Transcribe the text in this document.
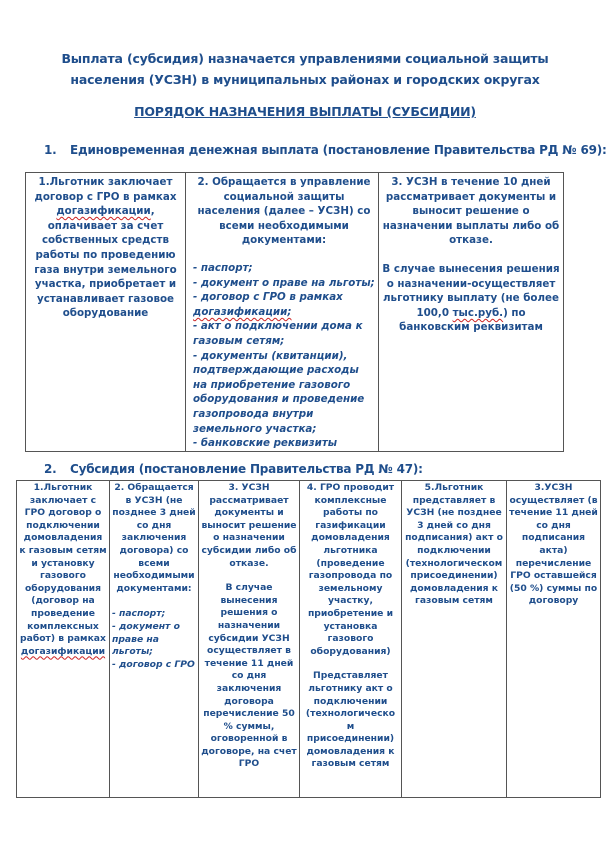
Выплата (субсидия) назначается управлениями социальной защиты
населения (УСЗН) в муниципальных районах и городских округах
ПОРЯДОК НАЗНАЧЕНИЯ ВЫПЛАТЫ (СУБСИДИИ)
1. Единовременная денежная выплата (постановление Правительства РД № 69):
1.Льготник заключает договор с ГРО в рамках догазификации, оплачивает за счет собственных средств работы по проведению газа внутри земельного участка, приобретает и устанавливает газовое оборудование	
2. Обращается в управление социальной защиты населения (далее – УСЗН) со всеми необходимыми документами:
- паспорт;
- документ о праве на льготы;
- договор с ГРО в рамках
догазификации;
- акт о подключении дома к газовым сетям;
- документы (квитанции), подтверждающие расходы на приобретение газового оборудования и проведение газопровода внутри земельного участка;
- банковские реквизиты

3. УСЗН в течение 10 дней рассматривает документы и выносит решение о назначении выплаты либо об отказе.
В случае вынесения решения о назначении-осуществляет льготнику выплату (не более 100,0 тыс.руб.) по банковским реквизитам
2. Субсидия (постановление Правительства РД № 47):
1.Льготник заключает с ГРО договор о подключении домовладения к газовым сетям и установку газового оборудования (договор на проведение комплексных работ) в рамках догазификации	
2. Обращается в УСЗН (не позднее 3 дней со дня заключения договора) со всеми необходимыми документами:
- паспорт;
- документ о праве на льготы;
- договор с ГРО

3. УСЗН рассматривает документы и выносит решение о назначении субсидии либо об отказе.
В случае вынесения решения о назначении субсидии УСЗН осуществляет в течение 11 дней со дня заключения договора перечисление 50 % суммы, оговоренной в договоре, на счет ГРО

4. ГРО проводит комплексные работы по газификации домовладения льготника (проведение газопровода по земельному участку, приобретение и установка газового оборудования)
Представляет льготнику акт о подключении (технологическо м присоединении) домовладения к газовым сетям

5.Льготник представляет в УСЗН (не позднее 3 дней со дня подписания) акт о подключении (технологическом присоединении) домовладения к газовым сетям

3.УСЗН осуществляет (в течение 11 дней со дня подписания акта) перечисление ГРО оставшейся (50 %) суммы по договору
